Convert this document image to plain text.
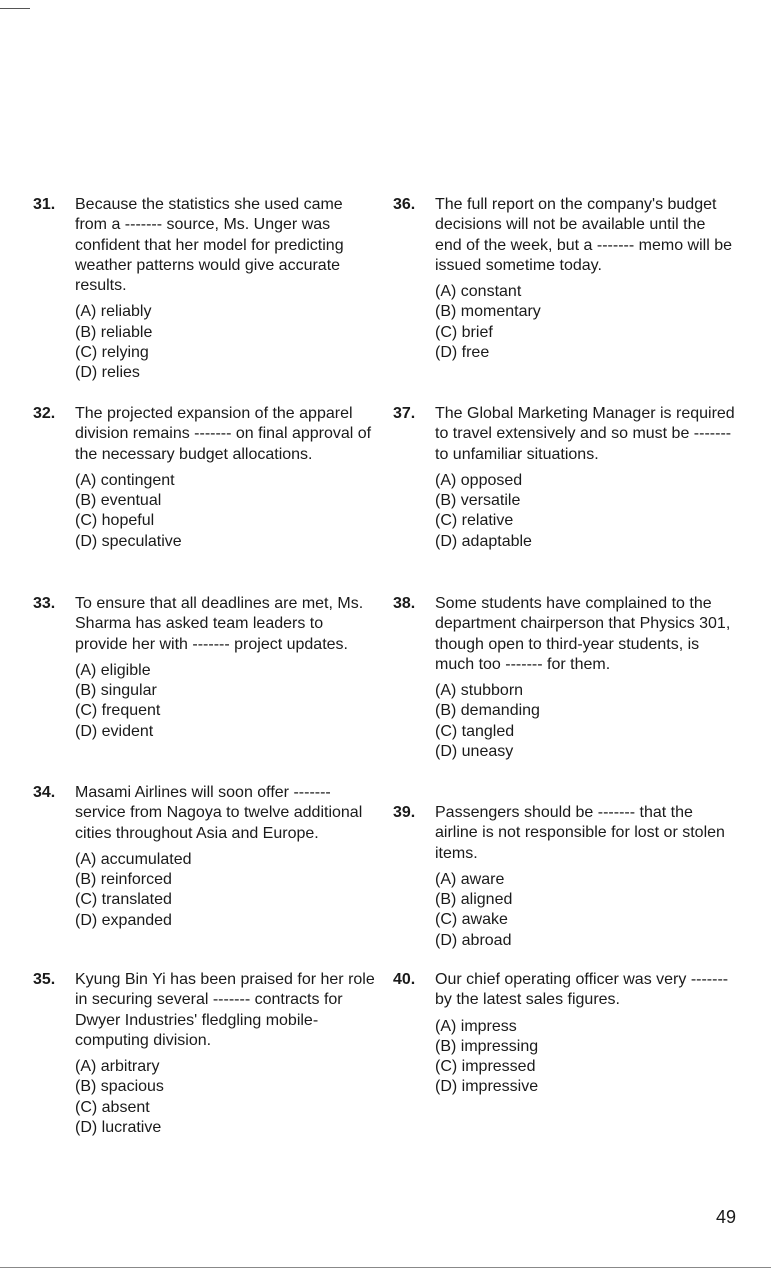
31. Because the statistics she used came from a ------- source, Ms. Unger was confident that her model for predicting weather patterns would give accurate results.
(A) reliably
(B) reliable
(C) relying
(D) relies
32. The projected expansion of the apparel division remains ------- on final approval of the necessary budget allocations.
(A) contingent
(B) eventual
(C) hopeful
(D) speculative
33. To ensure that all deadlines are met, Ms. Sharma has asked team leaders to provide her with ------- project updates.
(A) eligible
(B) singular
(C) frequent
(D) evident
34. Masami Airlines will soon offer ------- service from Nagoya to twelve additional cities throughout Asia and Europe.
(A) accumulated
(B) reinforced
(C) translated
(D) expanded
35. Kyung Bin Yi has been praised for her role in securing several ------- contracts for Dwyer Industries' fledgling mobile-computing division.
(A) arbitrary
(B) spacious
(C) absent
(D) lucrative
36. The full report on the company's budget decisions will not be available until the end of the week, but a ------- memo will be issued sometime today.
(A) constant
(B) momentary
(C) brief
(D) free
37. The Global Marketing Manager is required to travel extensively and so must be ------- to unfamiliar situations.
(A) opposed
(B) versatile
(C) relative
(D) adaptable
38. Some students have complained to the department chairperson that Physics 301, though open to third-year students, is much too ------- for them.
(A) stubborn
(B) demanding
(C) tangled
(D) uneasy
39. Passengers should be ------- that the airline is not responsible for lost or stolen items.
(A) aware
(B) aligned
(C) awake
(D) abroad
40. Our chief operating officer was very ------- by the latest sales figures.
(A) impress
(B) impressing
(C) impressed
(D) impressive
49
